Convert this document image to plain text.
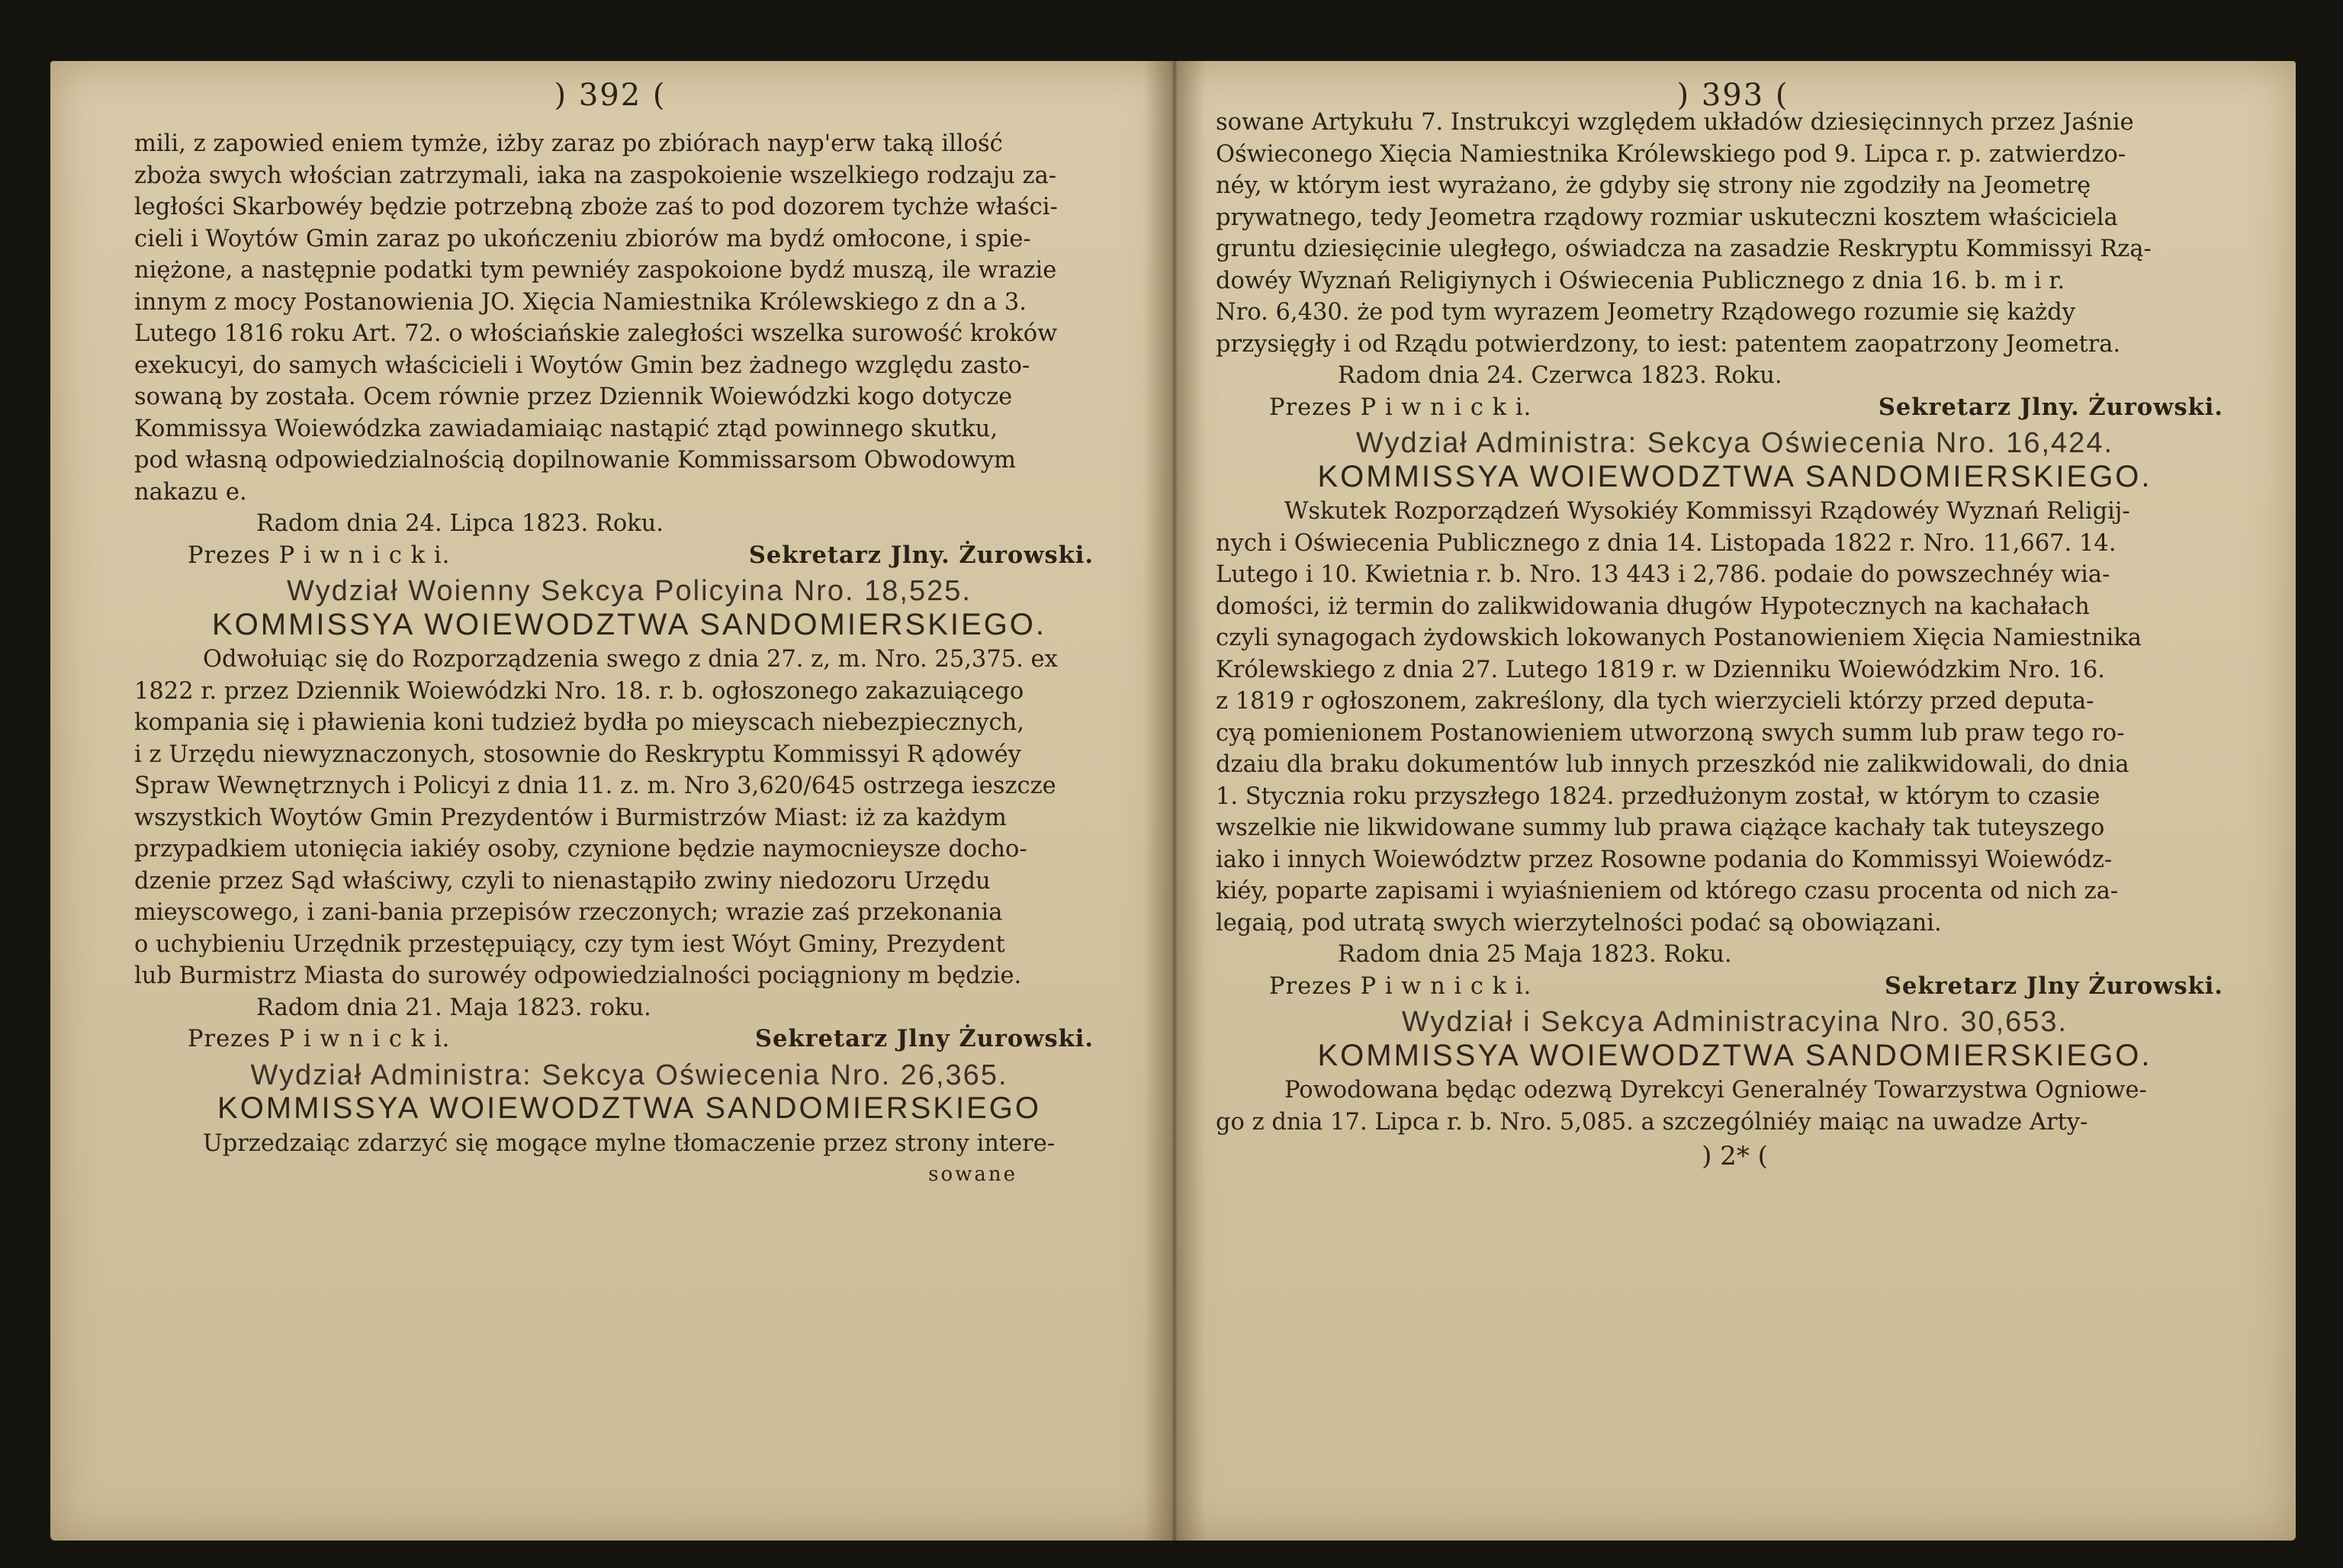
) 392 (
mili, z zapowied eniem tymże, iżby zaraz po zbiórach nayp'erw taką illość
zboża swych włościan zatrzymali, iaka na zaspokoienie wszelkiego rodzaju za-
ległości Skarbowéy będzie potrzebną zboże zaś to pod dozorem tychże właści-
cieli i Woytów Gmin zaraz po ukończeniu zbiorów ma bydź omłocone, i spie-
niężone, a następnie podatki tym pewniéy zaspokoione bydź muszą, ile wrazie
innym z mocy Postanowienia JO. Xięcia Namiestnika Królewskiego z dn a 3.
Lutego 1816 roku Art. 72. o włościańskie zaległości wszelka surowość kroków
exekucyi, do samych właścicieli i Woytów Gmin bez żadnego względu zasto-
sowaną by została. Ocem równie przez Dziennik Woiewódzki kogo dotycze
Kommissya Woiewódzka zawiadamiaiąc nastąpić ztąd powinnego skutku,
pod własną odpowiedzialnością dopilnowanie Kommissarsom Obwodowym
nakazu e.
Radom dnia 24. Lipca 1823. Roku.
Prezes P i w n i c k i.	Sekretarz Jlny. Żurowski.
Wydział Woienny Sekcya Policyina Nro. 18,525.
KOMMISSYA WOIEWODZTWA SANDOMIERSKIEGO.
Odwołuiąc się do Rozporządzenia swego z dnia 27. z, m. Nro. 25,375. ex
1822 r. przez Dziennik Woiewódzki Nro. 18. r. b. ogłoszonego zakazuiącego
kompania się i pławienia koni tudzież bydła po mieyscach niebezpiecznych,
i z Urzędu niewyznaczonych, stosownie do Reskryptu Kommissyi R ądowéy
Spraw Wewnętrznych i Policyi z dnia 11. z. m. Nro 3,620/645 ostrzega ieszcze
wszystkich Woytów Gmin Prezydentów i Burmistrzów Miast: iż za każdym
przypadkiem utonięcia iakiéy osoby, czynione będzie naymocnieysze docho-
dzenie przez Sąd właściwy, czyli to nienastąpiło zwiny niedozoru Urzędu
mieyscowego, i zani-bania przepisów rzeczonych; wrazie zaś przekonania
o uchybieniu Urzędnik przestępuiący, czy tym iest Wóyt Gminy, Prezydent
lub Burmistrz Miasta do surowéy odpowiedzialności pociągniony m będzie.
Radom dnia 21. Maja 1823. roku.
Prezes P i w n i c k i.	Sekretarz Jlny Żurowski.
Wydział Administra: Sekcya Oświecenia Nro. 26,365.
KOMMISSYA WOIEWODZTWA SANDOMIERSKIEGO
Uprzedzaiąc zdarzyć się mogące mylne tłomaczenie przez strony intere-
sowane
) 393 (
sowane Artykułu 7. Instrukcyi względem układów dziesięcinnych przez Jaśnie
Oświeconego Xięcia Namiestnika Królewskiego pod 9. Lipca r. p. zatwierdzo-
néy, w którym iest wyrażano, że gdyby się strony nie zgodziły na Jeometrę
prywatnego, tedy Jeometra rządowy rozmiar uskuteczni kosztem właściciela
gruntu dziesięcinie uległego, oświadcza na zasadzie Reskryptu Kommissyi Rzą-
dowéy Wyznań Religiynych i Oświecenia Publicznego z dnia 16. b. m i r.
Nro. 6,430. że pod tym wyrazem Jeometry Rządowego rozumie się każdy
przysięgły i od Rządu potwierdzony, to iest: patentem zaopatrzony Jeometra.
Radom dnia 24. Czerwca 1823. Roku.
Prezes P i w n i c k i.	Sekretarz Jlny. Żurowski.
Wydział Administra: Sekcya Oświecenia Nro. 16,424.
KOMMISSYA WOIEWODZTWA SANDOMIERSKIEGO.
Wskutek Rozporządzeń Wysokiéy Kommissyi Rządowéy Wyznań Religij-
nych i Oświecenia Publicznego z dnia 14. Listopada 1822 r. Nro. 11,667. 14.
Lutego i 10. Kwietnia r. b. Nro. 13 443 i 2,786. podaie do powszechnéy wia-
domości, iż termin do zalikwidowania długów Hypotecznych na kachałach
czyli synagogach żydowskich lokowanych Postanowieniem Xięcia Namiestnika
Królewskiego z dnia 27. Lutego 1819 r. w Dzienniku Woiewódzkim Nro. 16.
z 1819 r ogłoszonem, zakreślony, dla tych wierzycieli którzy przed deputa-
cyą pomienionem Postanowieniem utworzoną swych summ lub praw tego ro-
dzaiu dla braku dokumentów lub innych przeszkód nie zalikwidowali, do dnia
1. Stycznia roku przyszłego 1824. przedłużonym został, w którym to czasie
wszelkie nie likwidowane summy lub prawa ciążące kachały tak tuteyszego
iako i innych Woiewództw przez Rosowne podania do Kommissyi Woiewódz-
kiéy, poparte zapisami i wyiaśnieniem od którego czasu procenta od nich za-
legaią, pod utratą swych wierzytelności podać są obowiązani.
Radom dnia 25 Maja 1823. Roku.
Prezes P i w n i c k i.	Sekretarz Jlny Żurowski.
Wydział i Sekcya Administracyina Nro. 30,653.
KOMMISSYA WOIEWODZTWA SANDOMIERSKIEGO.
Powodowana będąc odezwą Dyrekcyi Generalnéy Towarzystwa Ogniowe-
go z dnia 17. Lipca r. b. Nro. 5,085. a szczególniéy maiąc na uwadze Arty-
) 2* (
